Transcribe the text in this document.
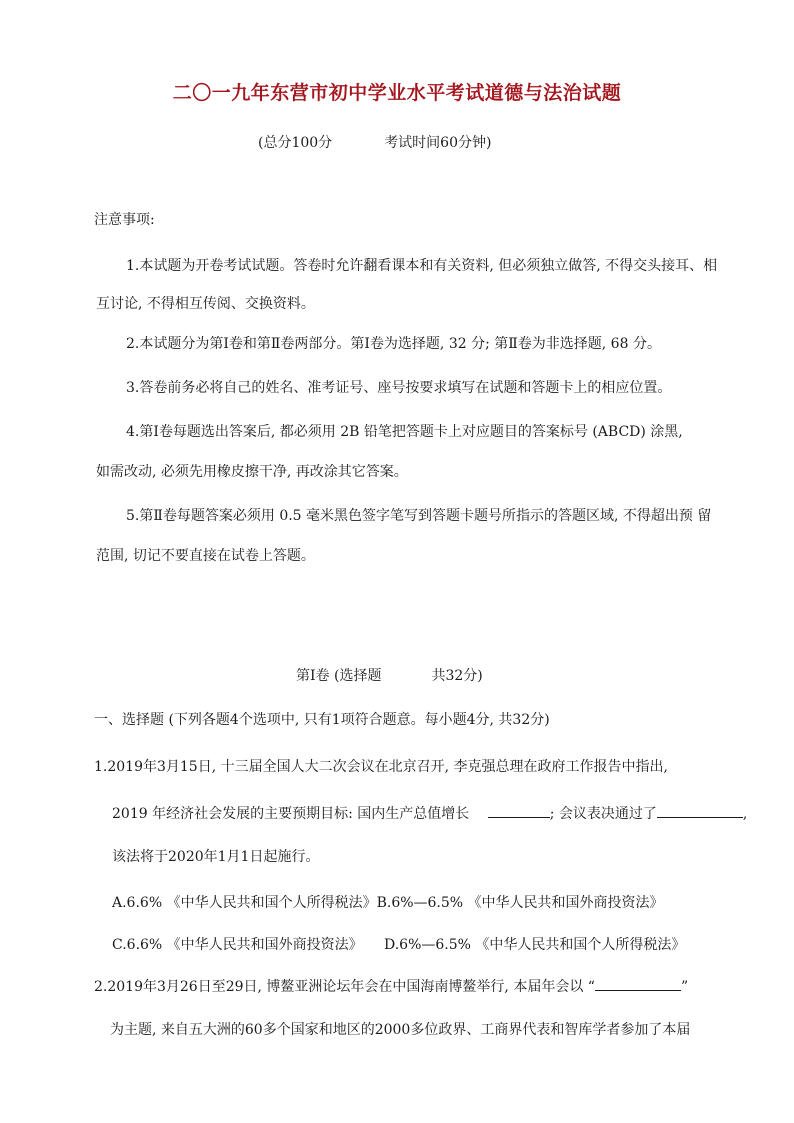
二〇一九年东营市初中学业水平考试道德与法治试题
(总分100分	考试时间60分钟)
注意事项:
1.本试题为开卷考试试题。答卷时允许翻看课本和有关资料, 但必须独立做答, 不得交头接耳、相
互讨论, 不得相互传阅、交换资料。
2.本试题分为第Ⅰ卷和第Ⅱ卷两部分。第Ⅰ卷为选择题, 32 分; 第Ⅱ卷为非选择题, 68 分。
3.答卷前务必将自己的姓名、准考证号、座号按要求填写在试题和答题卡上的相应位置。
4.第Ⅰ卷每题选出答案后, 都必须用 2B 铅笔把答题卡上对应题目的答案标号 (ABCD) 涂黑,
如需改动, 必须先用橡皮擦干净, 再改涂其它答案。
5.第Ⅱ卷每题答案必须用 0.5 毫米黑色签字笔写到答题卡题号所指示的答题区域, 不得超出预 留
范围, 切记不要直接在试卷上答题。
第Ⅰ卷 (选择题	共32分)
一、选择题 (下列各题4个选项中, 只有1项符合题意。每小题4分, 共32分)
1.2019年3月15日, 十三届全国人大二次会议在北京召开, 李克强总理在政府工作报告中指出,
2019 年经济社会发展的主要预期目标: 国内生产总值增长	; 会议表决通过了	,
该法将于2020年1月1日起施行。
A.6.6% 《中华人民共和国个人所得税法》B.6%—6.5% 《中华人民共和国外商投资法》
C.6.6% 《中华人民共和国外商投资法》 D.6%—6.5% 《中华人民共和国个人所得税法》
2.2019年3月26日至29日, 博鳌亚洲论坛年会在中国海南博鳌举行, 本届年会以 “	”
为主题, 来自五大洲的60多个国家和地区的2000多位政界、工商界代表和智库学者参加了本届
